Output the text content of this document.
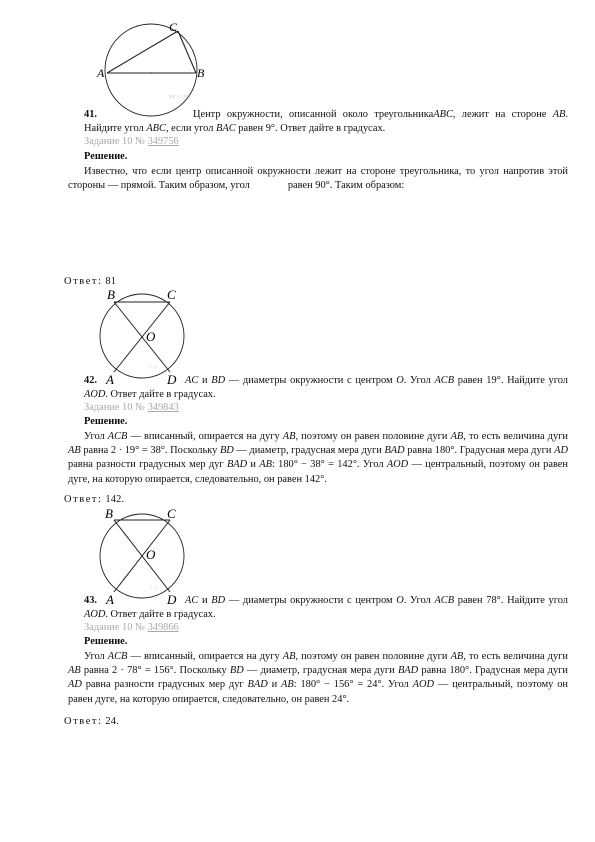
A	B
C
[M]_[...] [N]
41.	Центр окружности, описанной около треугольникаABC, лежит на стороне AB. Найдите угол ABC, если угол BAC равен 9°. Ответ дайте в градусах.
Задание 10 № 349756
Решение.
Известно, что если центр описанной окружности лежит на стороне треугольника, то угол напротив этой стороны — прямой. Таким образом, угол	равен 90°. Таким образом:
Ответ: 81
B	C
O
A	D
[...]
42.	AC и BD — диаметры окружности с центром O. Угол ACB равен 19°. Найдите угол AOD. Ответ дайте в градусах.
Задание 10 № 349843
Решение.
Угол ACB — вписанный, опирается на дугу AB, поэтому он равен половине дуги AB, то есть величина дуги AB равна 2 · 19° = 38°. Поскольку BD — диаметр, градусная мера дуги BAD равна 180°. Градусная мера дуги AD равна разности градусных мер дуг BAD и AB: 180° − 38° = 142°. Угол AOD — центральный, поэтому он равен дуге, на которую опирается, следовательно, он равен 142°.
Ответ: 142.
B	C
O
A	D
[...]
43.	AC и BD — диаметры окружности с центром O. Угол ACB равен 78°. Найдите угол AOD. Ответ дайте в градусах.
Задание 10 № 349866
Решение.
Угол ACB — вписанный, опирается на дугу AB, поэтому он равен половине дуги AB, то есть величина дуги AB равна 2 · 78° = 156°. Поскольку BD — диаметр, градусная мера дуги BAD равна 180°. Градусная мера дуги AD равна разности градусных мер дуг BAD и AB: 180° − 156° = 24°. Угол AOD — центральный, поэтому он равен дуге, на которую опирается, следовательно, он равен 24°.
Ответ: 24.
